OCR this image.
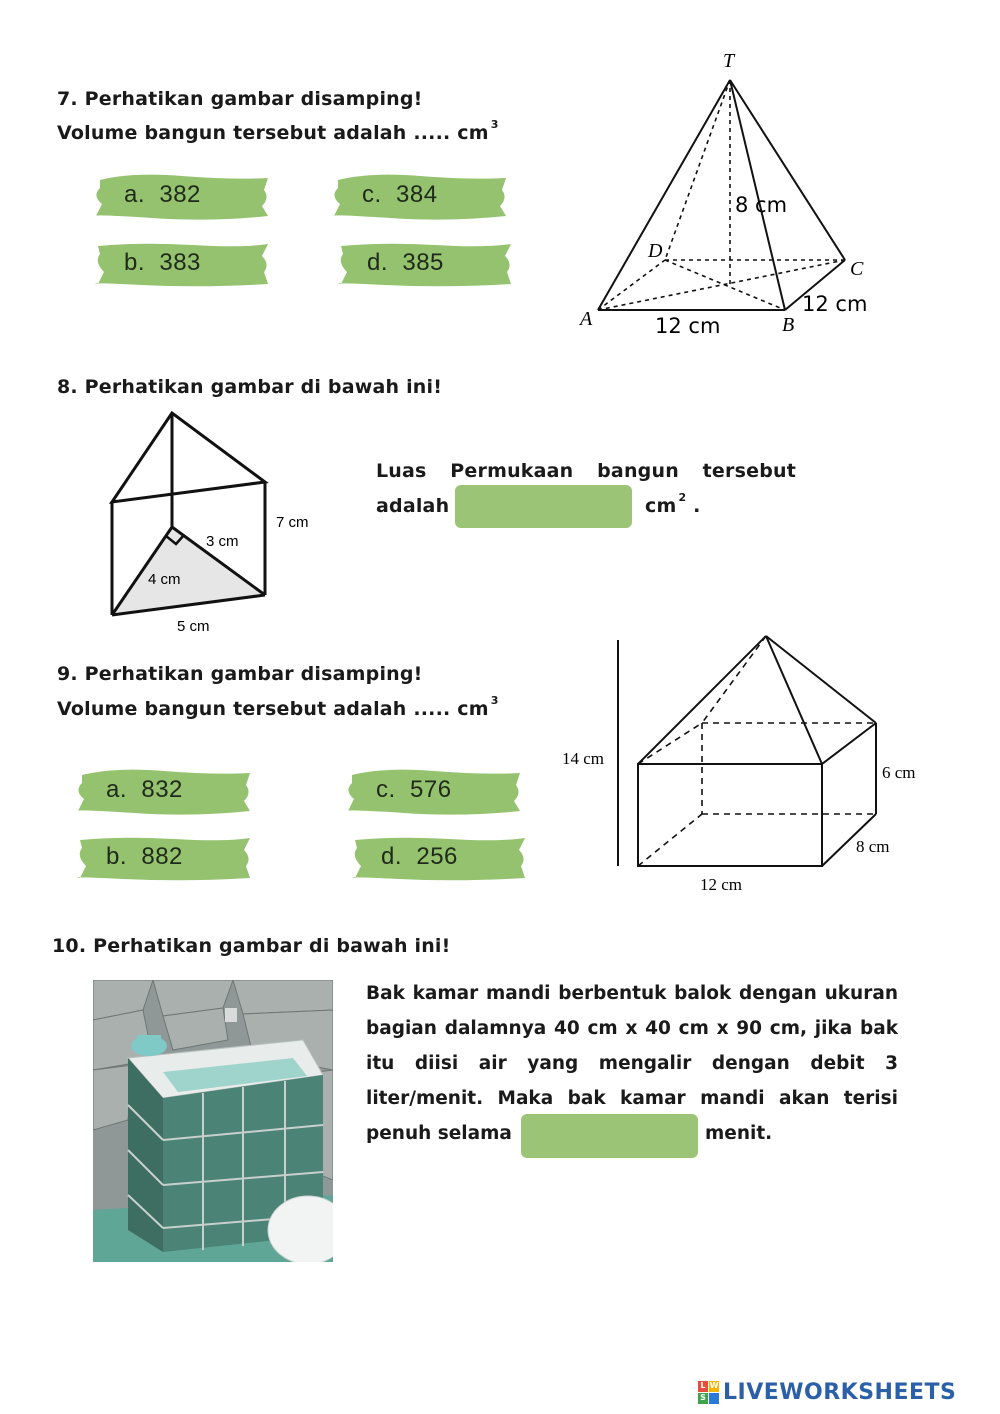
7. Perhatikan gambar disamping!
Volume bangun tersebut adalah ..... cm $^3$
a. 382
b. 383
c. 384
d. 385
T
A	B
C
D
8 cm
12 cm
12 cm
8. Perhatikan gambar di bawah ini!
7 cm
3 cm
4 cm
5 cm
Luas Permukaan bangun tersebut
adalah	cm $^2$ .
9. Perhatikan gambar disamping!
Volume bangun tersebut adalah ..... cm $^3$
a. 832
b. 882
c. 576
d. 256
14 cm
6 cm
8 cm
12 cm
10. Perhatikan gambar di bawah ini!
Bak kamar mandi berbentuk balok dengan ukuran
bagian dalamnya 40 cm x 40 cm x 90 cm, jika bak
itu diisi air yang mengalir dengan debit 3
liter/menit. Maka bak kamar mandi akan terisi
penuh selama	menit.
L W
S LIVEWORKSHEETS
